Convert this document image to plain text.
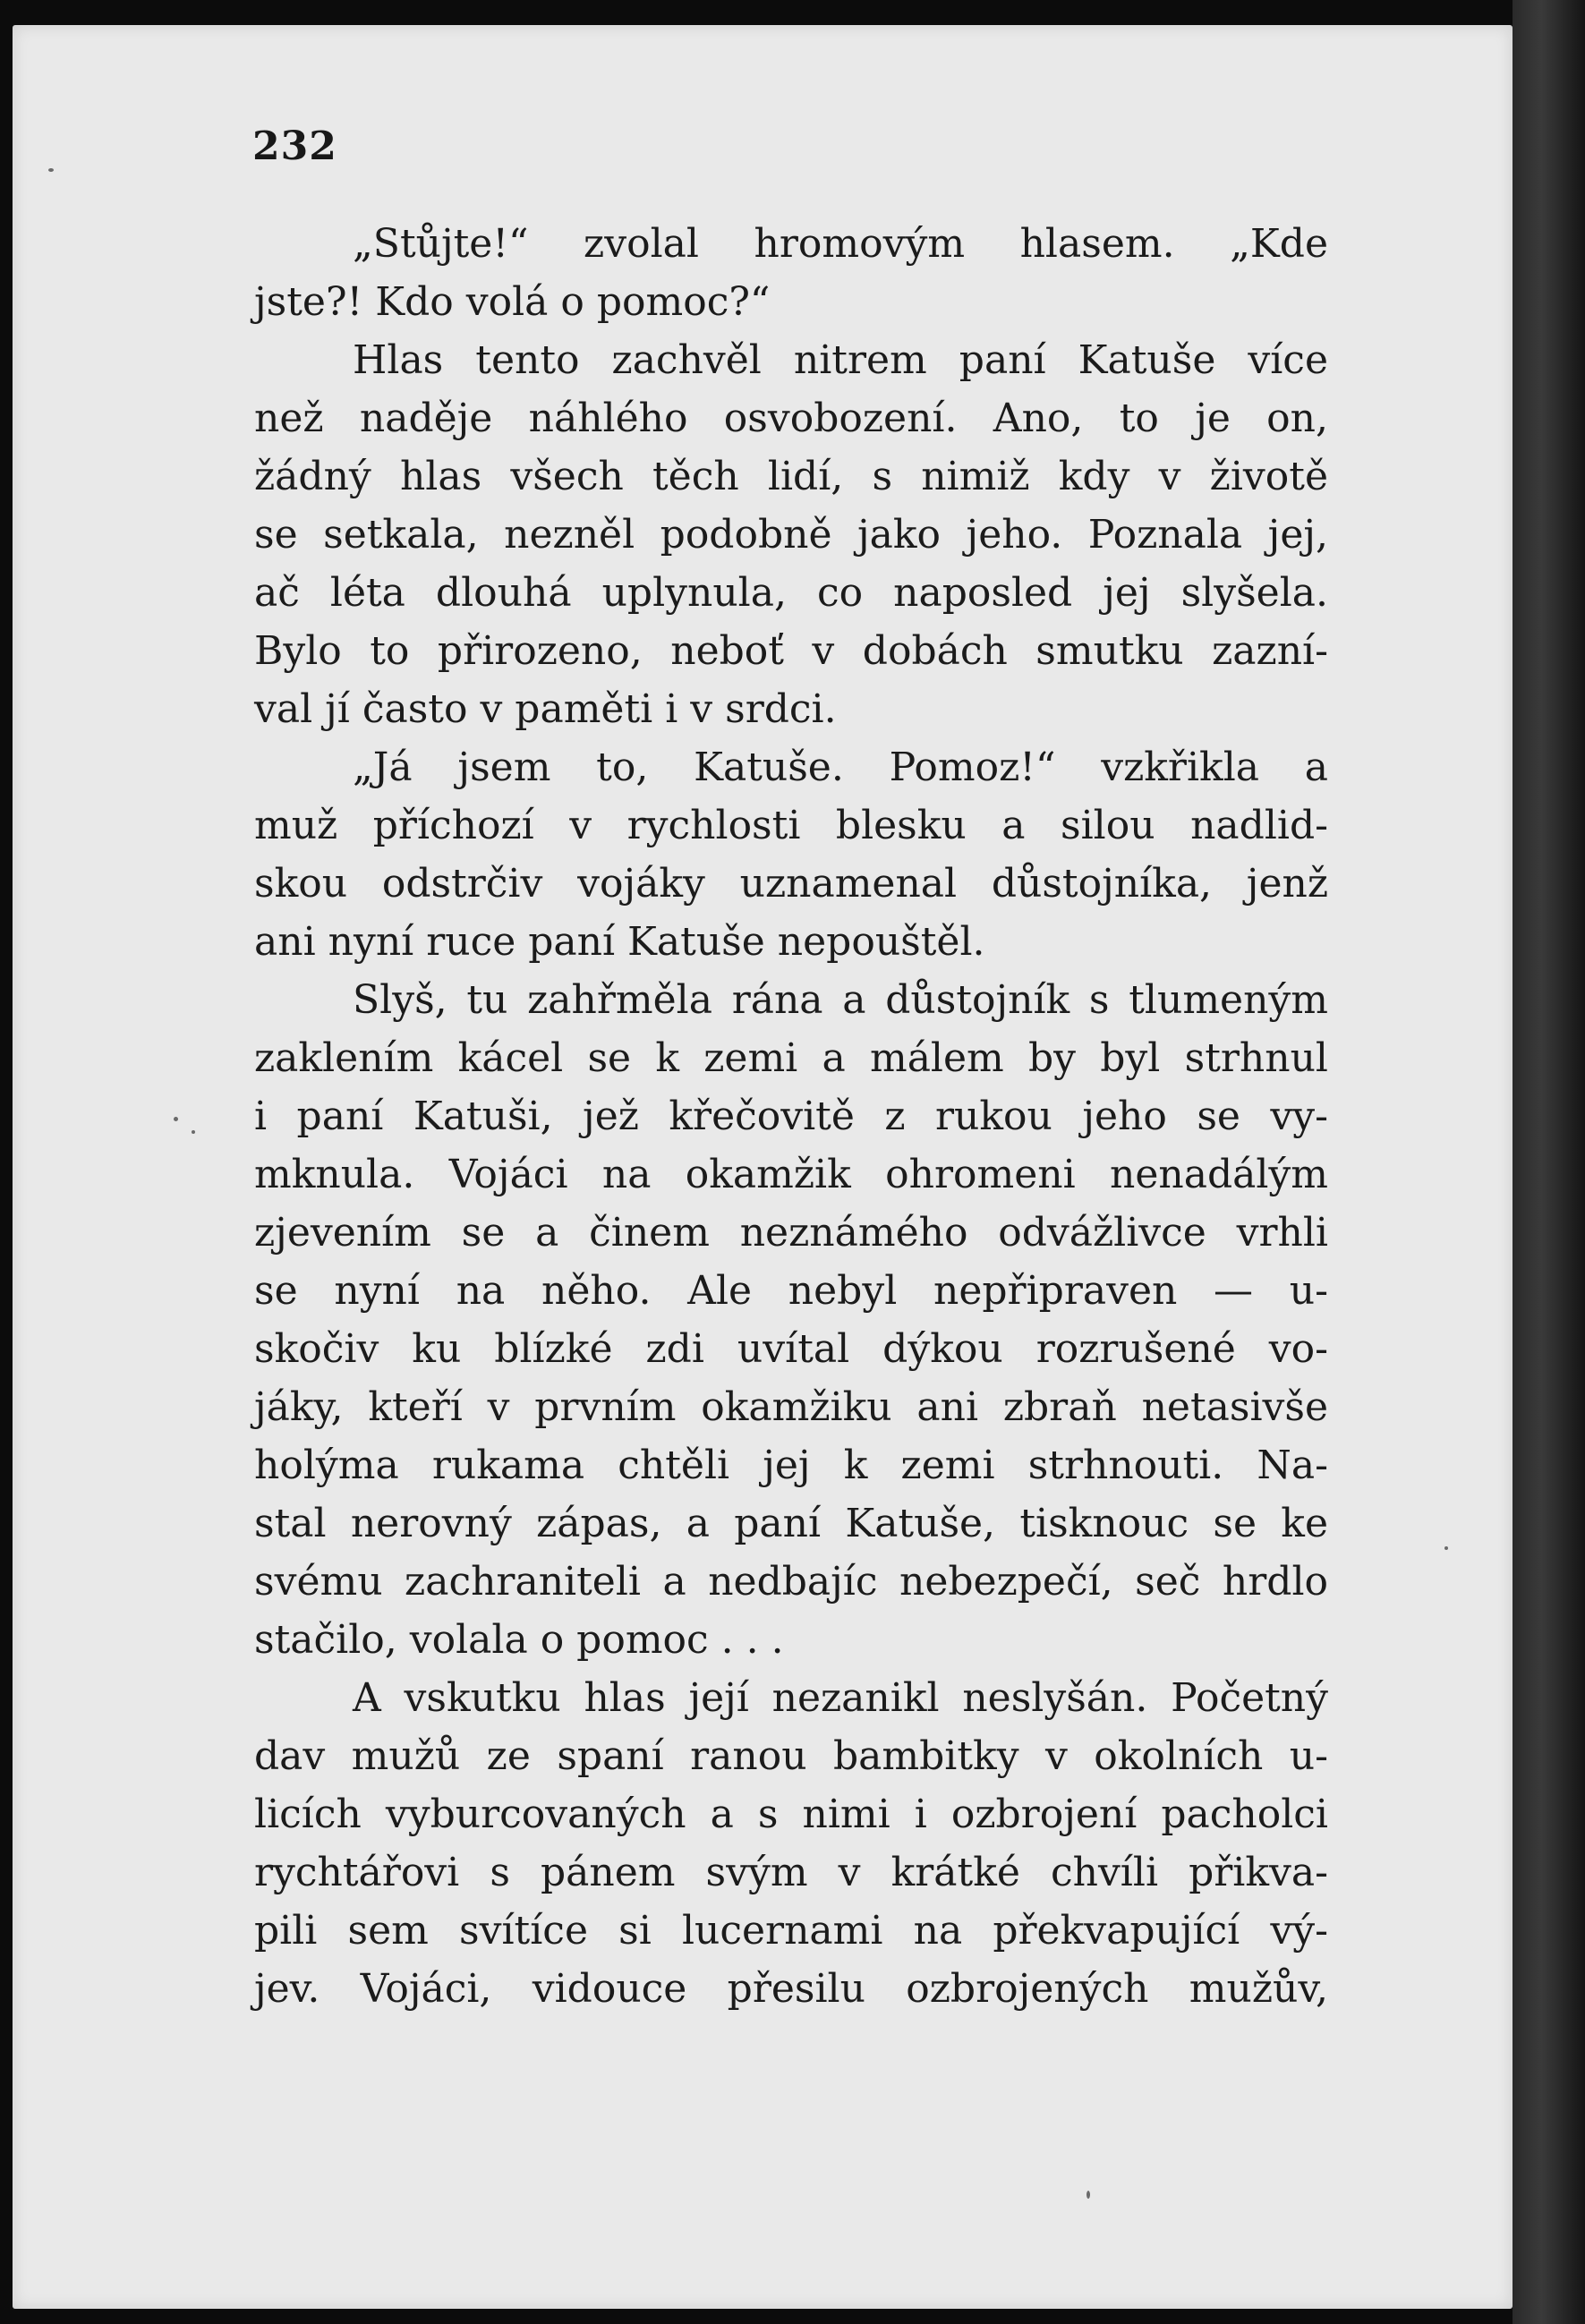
232
„Stůjte!“ zvolal hromovým hlasem. „Kde
jste?! Kdo volá o pomoc?“
Hlas tento zachvěl nitrem paní Katuše více
než naděje náhlého osvobození. Ano, to je on,
žádný hlas všech těch lidí, s nimiž kdy v životě
se setkala, nezněl podobně jako jeho. Poznala jej,
ač léta dlouhá uplynula, co naposled jej slyšela.
Bylo to přirozeno, neboť v dobách smutku zazní-
val jí často v paměti i v srdci.
„Já jsem to, Katuše. Pomoz!“ vzkřikla a
muž příchozí v rychlosti blesku a silou nadlid-
skou odstrčiv vojáky uznamenal důstojníka, jenž
ani nyní ruce paní Katuše nepouštěl.
Slyš, tu zahřměla rána a důstojník s tlumeným
zaklením kácel se k zemi a málem by byl strhnul
i paní Katuši, jež křečovitě z rukou jeho se vy-
mknula. Vojáci na okamžik ohromeni nenadálým
zjevením se a činem neznámého odvážlivce vrhli
se nyní na něho. Ale nebyl nepřipraven — u-
skočiv ku blízké zdi uvítal dýkou rozrušené vo-
jáky, kteří v prvním okamžiku ani zbraň netasivše
holýma rukama chtěli jej k zemi strhnouti. Na-
stal nerovný zápas, a paní Katuše, tisknouc se ke
svému zachraniteli a nedbajíc nebezpečí, seč hrdlo
stačilo, volala o pomoc . . .
A vskutku hlas její nezanikl neslyšán. Početný
dav mužů ze spaní ranou bambitky v okolních u-
licích vyburcovaných a s nimi i ozbrojení pacholci
rychtářovi s pánem svým v krátké chvíli přikva-
pili sem svítíce si lucernami na překvapující vý-
jev. Vojáci, vidouce přesilu ozbrojených mužův,
